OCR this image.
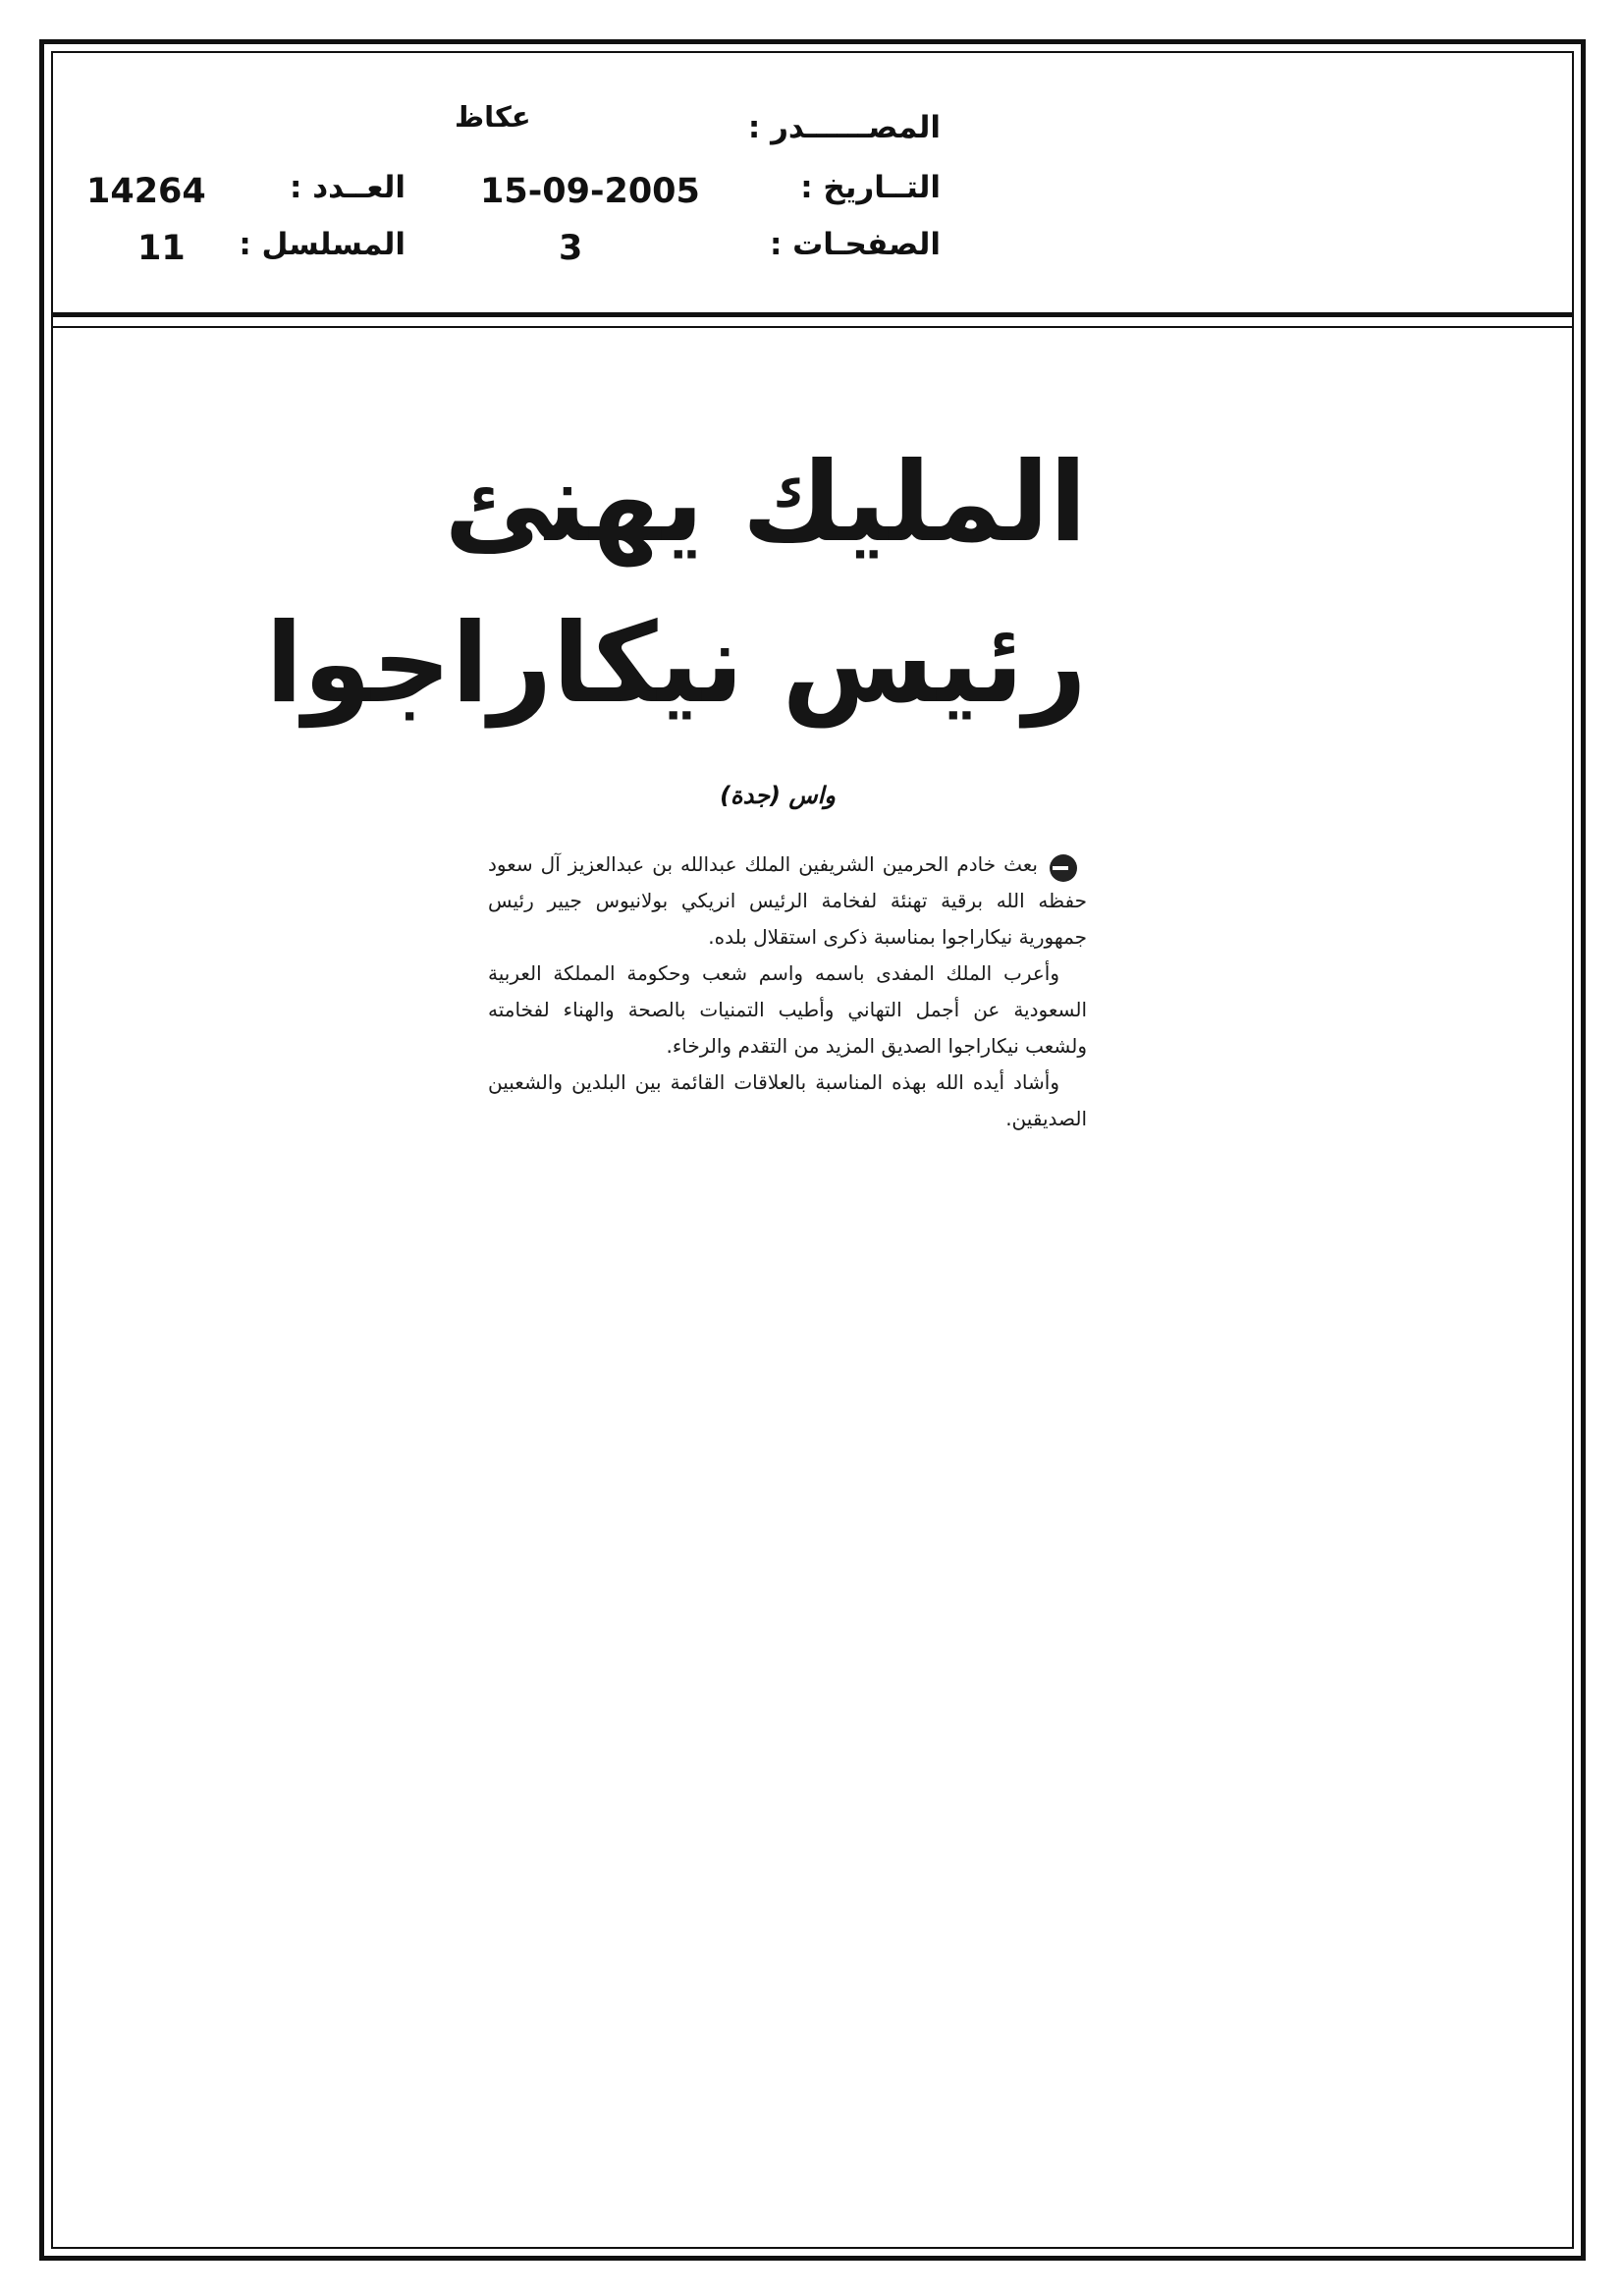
المصــــــدر :
عكاظ
التــاريخ :
15-09-2005
العــدد :
14264
الصفحـات :
3
المسلسل :
11
المليك يهنئ
رئيس نيكاراجوا
واس (جدة)

بعث خادم الحرمين الشريفين الملك عبدالله بن عبدالعزيز آل سعود حفظه الله برقية تهنئة لفخامة الرئيس انريكي بولانيوس جيير رئيس جمهورية نيكاراجوا بمناسبة ذكرى استقلال بلده.

وأعرب الملك المفدى باسمه واسم شعب وحكومة المملكة العربية السعودية عن أجمل التهاني وأطيب التمنيات بالصحة والهناء لفخامته ولشعب نيكاراجوا الصديق المزيد من التقدم والرخاء.

وأشاد أيده الله بهذه المناسبة بالعلاقات القائمة بين البلدين والشعبين الصديقين.
